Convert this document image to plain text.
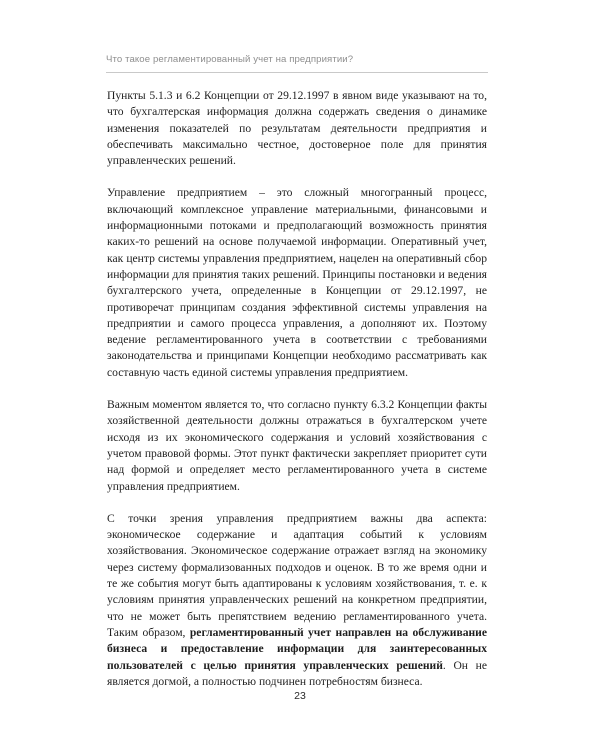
Что такое регламентированный учет на предприятии?

Пункты 5.1.3 и 6.2 Концепции от 29.12.1997 в явном виде указывают на то, что бухгалтерская информация должна содержать сведения о динамике изменения показателей по результатам деятельности предприятия и обеспечивать максимально честное, достоверное поле для принятия управленческих решений.

Управление предприятием – это сложный многогранный процесс, включающий комплексное управление материальными, финансовыми и информационными потоками и предполагающий возможность принятия каких-то решений на основе получаемой информации. Оперативный учет, как центр системы управления предприятием, нацелен на оперативный сбор информации для принятия таких решений. Принципы постановки и ведения бухгалтерского учета, определенные в Концепции от 29.12.1997, не противоречат принципам создания эффективной системы управления на предприятии и самого процесса управления, а дополняют их. Поэтому ведение регламентированного учета в соответствии с требованиями законодательства и принципами Концепции необходимо рассматривать как составную часть единой системы управления предприятием.

Важным моментом является то, что согласно пункту 6.3.2 Концепции факты хозяйственной деятельности должны отражаться в бухгалтерском учете исходя из их экономического содержания и условий хозяйствования с учетом правовой формы. Этот пункт фактически закрепляет приоритет сути над формой и определяет место регламентированного учета в системе управления предприятием.

С точки зрения управления предприятием важны два аспекта: экономическое содержание и адаптация событий к условиям хозяйствования. Экономическое содержание отражает взгляд на экономику через систему формализованных подходов и оценок. В то же время одни и те же события могут быть адаптированы к условиям хозяйствования, т. е. к условиям принятия управленческих решений на конкретном предприятии, что не может быть препятствием ведению регламентированного учета. Таким образом, регламентированный учет направлен на обслуживание бизнеса и предоставление информации для заинтересованных пользователей с целью принятия управленческих решений. Он не является догмой, а полностью подчинен потребностям бизнеса.

23
